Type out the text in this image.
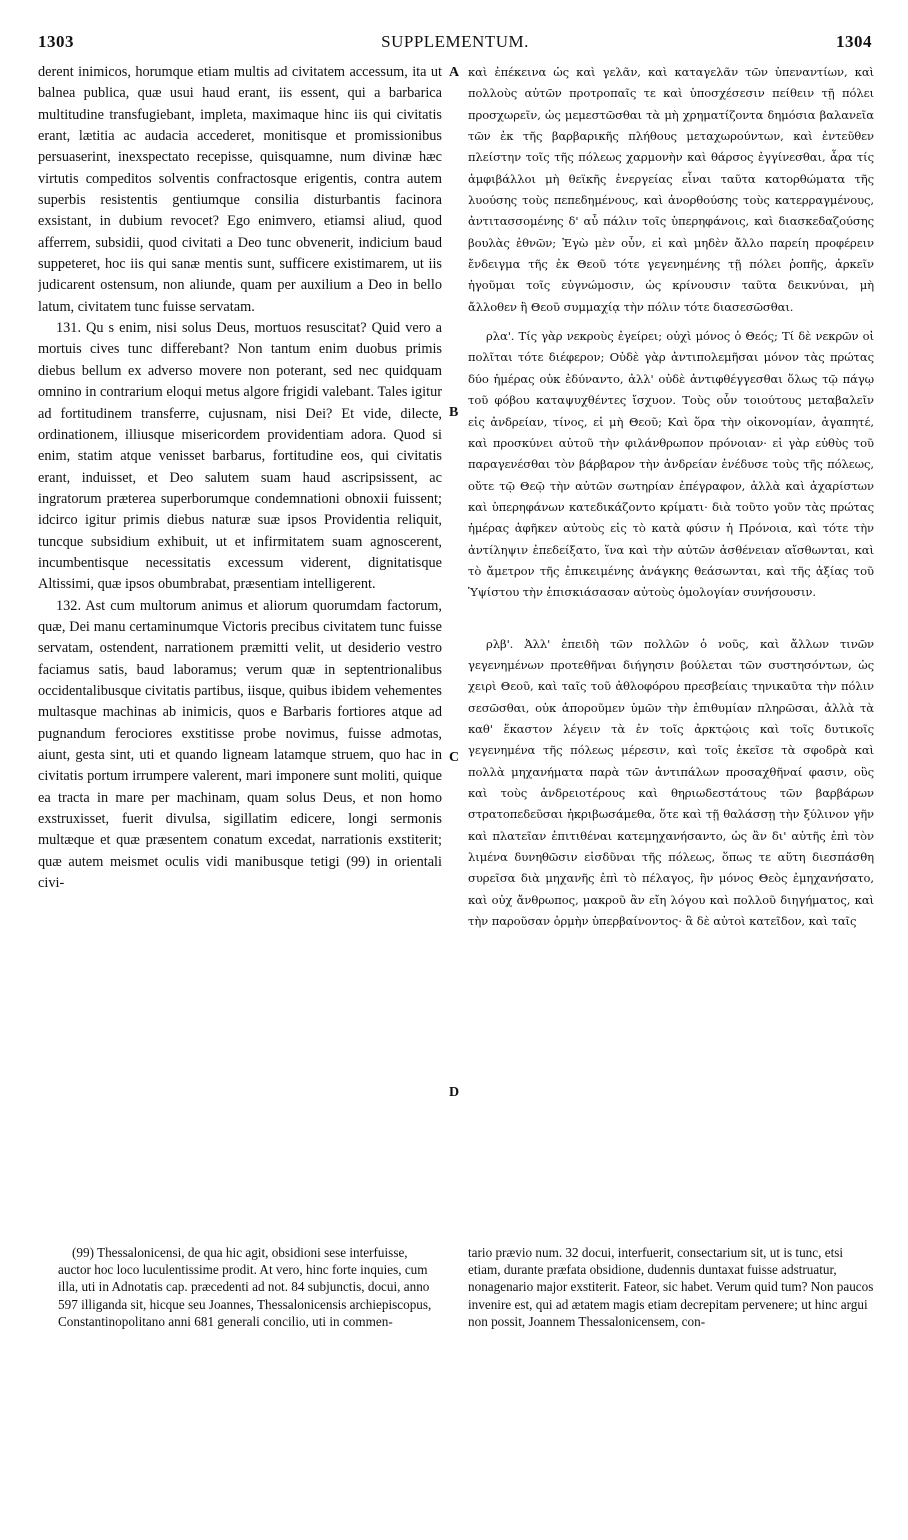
1303	SUPPLEMENTUM.	1304

derent inimicos, horumque etiam multis ad civitatem accessum, ita ut balnea publica, quæ usui haud erant, iis essent, qui a barbarica multitudine transfugiebant, impleta, maximaque hinc iis qui civitatis erant, lætitia ac audacia accederet, monitisque et promissionibus persuaserint, inexspectato recepisse, quisquamne, num divinæ hæc virtutis compeditos solventis confractosque erigentis, contra autem superbis resistentis gentiumque consilia disturbantis facinora exsistant, in dubium revocet? Ego enimvero, etiamsi aliud, quod afferrem, subsidii, quod civitati a Deo tunc obvenerit, indicium baud suppeteret, hoc iis qui sanæ mentis sunt, sufficere existimarem, ut iis judicarent ostensum, non aliunde, quam per auxilium a Deo in bello latum, civitatem tunc fuisse servatam.

131. Qu s enim, nisi solus Deus, mortuos resuscitat? Quid vero a mortuis cives tunc differebant? Non tantum enim duobus primis diebus bellum ex adverso movere non poterant, sed nec quidquam omnino in contrarium eloqui metus algore frigidi valebant. Tales igitur ad fortitudinem transferre, cujusnam, nisi Dei? Et vide, dilecte, ordinationem, illiusque misericordem providentiam adora. Quod si enim, statim atque venisset barbarus, fortitudine eos, qui civitatis erant, induisset, et Deo salutem suam haud ascripsissent, ac ingratorum præterea superborumque condemnationi obnoxii fuissent; idcirco igitur primis diebus naturæ suæ ipsos Providentia reliquit, tuncque subsidium exhibuit, ut et infirmitatem suam agnoscerent, incumbentisque necessitatis excessum viderent, dignitatisque Altissimi, quæ ipsos obumbrabat, præsentiam intelligerent.

132. Ast cum multorum animus et aliorum quorumdam factorum, quæ, Dei manu certaminumque Victoris precibus civitatem tunc fuisse servatam, ostendent, narrationem præmitti velit, ut desiderio vestro faciamus satis, baud laboramus; verum quæ in septentrionalibus occidentalibusque civitatis partibus, iisque, quibus ibidem vehementes multasque machinas ab inimicis, quos e Barbaris fortiores atque ad pugnandum ferociores exstitisse probe novimus, fuisse admotas, aiunt, gesta sint, uti et quando ligneam latamque struem, quo hac in civitatis portum irrumpere valerent, mari imponere sunt moliti, quique ea tracta in mare per machinam, quam solus Deus, et non homo exstruxisset, fuerit divulsa, sigillatim edicere, longi sermonis multæque et quæ præsentem conatum excedat, narrationis exstiterit; quæ autem meismet oculis vidi manibusque tetigi (99) in orientali civi-

καὶ ἐπέκεινα ὡς καὶ γελᾶν, καὶ καταγελᾶν τῶν ὑπεναντίων, καὶ πολλοὺς αὐτῶν προτροπαῖς τε καὶ ὑποσχέσεσιν πείθειν τῇ πόλει προσχωρεῖν, ὡς μεμεστῶσθαι τὰ μὴ χρηματίζοντα δημόσια βαλανεῖα τῶν ἐκ τῆς βαρβαρικῆς πλήθους μεταχωρούντων, καὶ ἐντεῦθεν πλείστην τοῖς τῆς πόλεως χαρμονὴν καὶ θάρσος ἐγγίνεσθαι, ἆρα τίς ἀμφιβάλλοι μὴ θεϊκῆς ἐνεργείας εἶναι ταῦτα κατορθώματα τῆς λυούσης τοὺς πεπεδημένους, καὶ ἀνορθούσης τοὺς κατερραγμένους, ἀντιτασσομένης δ' αὖ πάλιν τοῖς ὑπερηφάνοις, καὶ διασκεδαζούσης βουλὰς ἐθνῶν; Ἐγὼ μὲν οὖν, εἰ καὶ μηδὲν ἄλλο παρείη προφέρειν ἔνδειγμα τῆς ἐκ Θεοῦ τότε γεγενημένης τῇ πόλει ῥοπῆς, ἀρκεῖν ἡγοῦμαι τοῖς εὐγνώμοσιν, ὡς κρίνουσιν ταῦτα δεικνύναι, μὴ ἄλλοθεν ἢ Θεοῦ συμμαχίᾳ τὴν πόλιν τότε διασεσῶσθαι.

ρλα'. Τίς γὰρ νεκροὺς ἐγείρει; οὐχὶ μόνος ὁ Θεός; Τί δὲ νεκρῶν οἱ πολῖται τότε διέφερον; Οὐδὲ γὰρ ἀντιπολεμῆσαι μόνον τὰς πρώτας δύο ἡμέρας οὐκ ἐδύναντο, ἀλλ' οὐδὲ ἀντιφθέγγεσθαι ὅλως τῷ πάγῳ τοῦ φόβου καταψυχθέντες ἴσχυον. Τοὺς οὖν τοιούτους μεταβαλεῖν εἰς ἀνδρείαν, τίνος, εἰ μὴ Θεοῦ; Καὶ ὅρα τὴν οἰκονομίαν, ἀγαπητέ, καὶ προσκύνει αὐτοῦ τὴν φιλάνθρωπον πρόνοιαν· εἰ γὰρ εὐθὺς τοῦ παραγενέσθαι τὸν βάρβαρον τὴν ἀνδρείαν ἐνέδυσε τοὺς τῆς πόλεως, οὔτε τῷ Θεῷ τὴν αὐτῶν σωτηρίαν ἐπέγραφον, ἀλλὰ καὶ ἀχαρίστων καὶ ὑπερηφάνων κατεδικάζοντο κρίματι· διὰ τοῦτο γοῦν τὰς πρώτας ἡμέρας ἀφῆκεν αὐτοὺς εἰς τὸ κατὰ φύσιν ἡ Πρόνοια, καὶ τότε τὴν ἀντίληψιν ἐπεδείξατο, ἵνα καὶ τὴν αὐτῶν ἀσθένειαν αἴσθωνται, καὶ τὸ ἄμετρον τῆς ἐπικειμένης ἀνάγκης θεάσωνται, καὶ τῆς ἀξίας τοῦ Ὑψίστου τὴν ἐπισκιάσασαν αὐτοὺς ὁμολογίαν συνήσουσιν.

ρλβ'. Ἀλλ' ἐπειδὴ τῶν πολλῶν ὁ νοῦς, καὶ ἄλλων τινῶν γεγενημένων προτεθῆναι διήγησιν βούλεται τῶν συστησόντων, ὡς χειρὶ Θεοῦ, καὶ ταῖς τοῦ ἀθλοφόρου πρεσβείαις τηνικαῦτα τὴν πόλιν σεσῶσθαι, οὐκ ἀποροῦμεν ὑμῶν τὴν ἐπιθυμίαν πληρῶσαι, ἀλλὰ τὰ καθ' ἕκαστον λέγειν τὰ ἐν τοῖς ἀρκτῴοις καὶ τοῖς δυτικοῖς γεγενημένα τῆς πόλεως μέρεσιν, καὶ τοῖς ἐκεῖσε τὰ σφοδρὰ καὶ πολλὰ μηχανήματα παρὰ τῶν ἀντιπάλων προσαχθῆναί φασιν, οὓς καὶ τοὺς ἀνδρειοτέρους καὶ θηριωδεστάτους τῶν βαρβάρων στρατοπεδεῦσαι ἠκριβωσάμεθα, ὅτε καὶ τῇ θαλάσσῃ τὴν ξύλινον γῆν καὶ πλατεῖαν ἐπιτιθέναι κατεμηχανήσαντο, ὡς ἂν δι' αὐτῆς ἐπὶ τὸν λιμένα δυνηθῶσιν εἰσδῦναι τῆς πόλεως, ὅπως τε αὕτη διεσπάσθη συρεῖσα διὰ μηχανῆς ἐπὶ τὸ πέλαγος, ἣν μόνος Θεὸς ἐμηχανήσατο, καὶ οὐχ ἄνθρωπος, μακροῦ ἂν εἴη λόγου καὶ πολλοῦ διηγήματος, καὶ τὴν παροῦσαν ὁρμὴν ὑπερβαίνοντος· ἃ δὲ αὐτοὶ κατεῖδον, καὶ ταῖς

A
B
C
D
(99) Thessalonicensi, de qua hic agit, obsidioni sese interfuisse, auctor hoc loco luculentissime prodit. At vero, hinc forte inquies, cum illa, uti in Adnotatis cap. præcedenti ad not. 84 subjunctis, docui, anno 597 illiganda sit, hicque seu Joannes, Thessalonicensis archiepiscopus, Constantinopolitano anni 681 generali concilio, uti in commen-
tario prævio num. 32 docui, interfuerit, consectarium sit, ut is tunc, etsi etiam, durante præfata obsidione, dudennis duntaxat fuisse adstruatur, nonagenario major exstiterit. Fateor, sic habet. Verum quid tum? Non paucos invenire est, qui ad ætatem magis etiam decrepitam pervenere; ut hinc argui non possit, Joannem Thessalonicensem, con-
